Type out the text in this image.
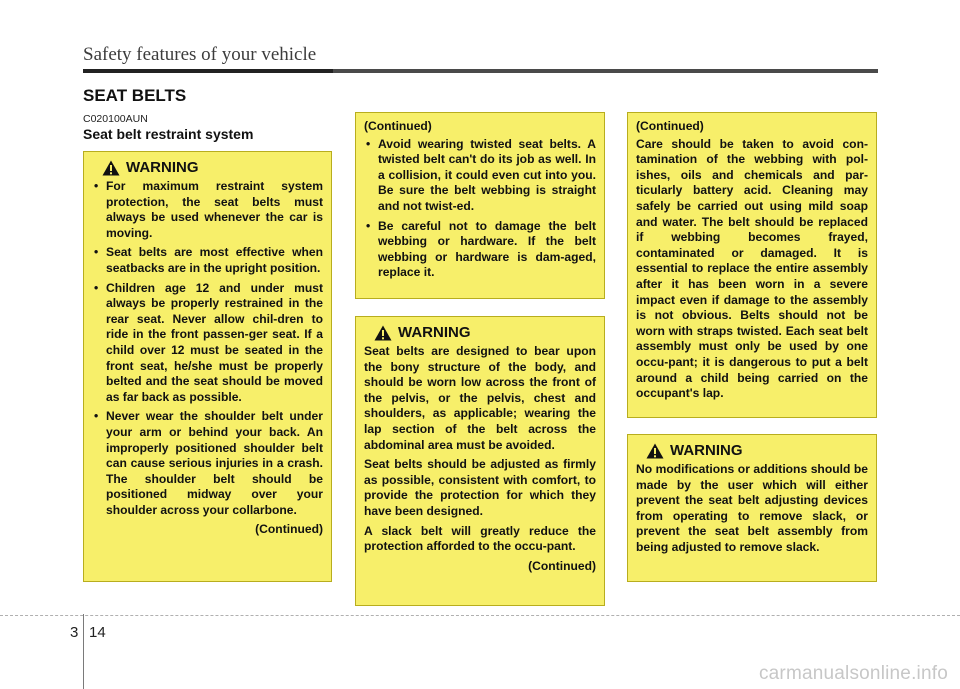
Safety features of your vehicle
SEAT BELTS
C020100AUN
Seat belt restraint system
WARNING
• For maximum restraint system protection, the seat belts must always be used whenever the car is moving.
• Seat belts are most effective when seatbacks are in the upright position.
• Children age 12 and under must always be properly restrained in the rear seat. Never allow chil-dren to ride in the front passen-ger seat. If a child over 12 must be seated in the front seat, he/she must be properly belted and the seat should be moved as far back as possible.
• Never wear the shoulder belt under your arm or behind your back. An improperly positioned shoulder belt can cause serious injuries in a crash. The shoulder belt should be positioned midway over your shoulder across your collarbone.
(Continued)
(Continued)
• Avoid wearing twisted seat belts. A twisted belt can't do its job as well. In a collision, it could even cut into you. Be sure the belt webbing is straight and not twist-ed.
• Be careful not to damage the belt webbing or hardware. If the belt webbing or hardware is dam-aged, replace it.
WARNING

Seat belts are designed to bear upon the bony structure of the body, and should be worn low across the front of the pelvis, or the pelvis, chest and shoulders, as applicable; wearing the lap section of the belt across the abdominal area must be avoided.

Seat belts should be adjusted as firmly as possible, consistent with comfort, to provide the protection for which they have been designed.

A slack belt will greatly reduce the protection afforded to the occu-pant.

(Continued)
(Continued)

Care should be taken to avoid con-tamination of the webbing with pol-ishes, oils and chemicals and par-ticularly battery acid. Cleaning may safely be carried out using mild soap and water. The belt should be replaced if webbing becomes frayed, contaminated or damaged. It is essential to replace the entire assembly after it has been worn in a severe impact even if damage to the assembly is not obvious. Belts should not be worn with straps twisted. Each seat belt assembly must only be used by one occu-pant; it is dangerous to put a belt around a child being carried on the occupant's lap.

WARNING

No modifications or additions should be made by the user which will either prevent the seat belt adjusting devices from operating to remove slack, or prevent the seat belt assembly from being adjusted to remove slack.

3 14
carmanualsonline.info
